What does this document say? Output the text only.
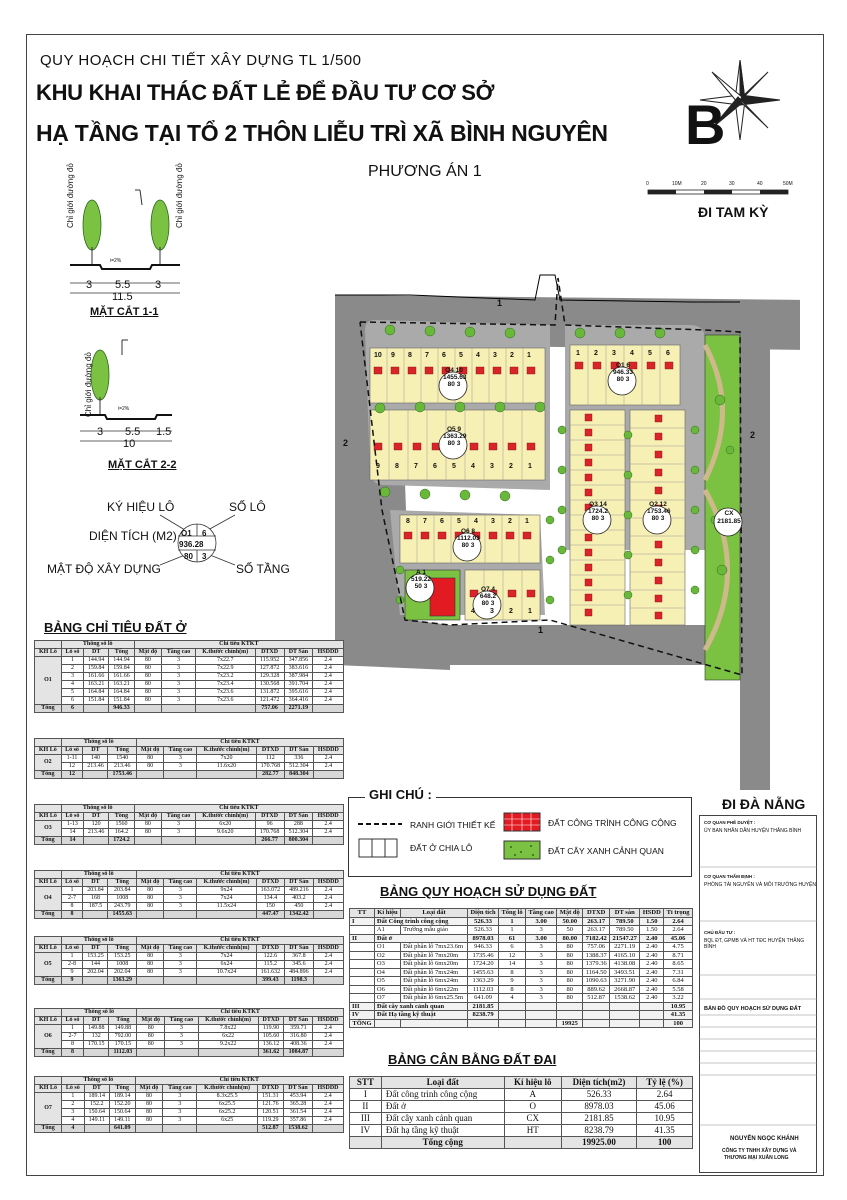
QUY HOẠCH CHI TIẾT XÂY DỰNG TL 1/500
KHU KHAI THÁC ĐẤT LẺ ĐỂ ĐẦU TƯ CƠ SỞ
HẠ TẦNG TẠI TỔ 2 THÔN LIỄU TRÌ XÃ BÌNH NGUYÊN
PHƯƠNG ÁN 1
B
0	10M	20	30	40	50M
ĐI TAM KỲ
ĐI ĐÀ NẴNG
Chỉ giới đường đỏ	Chỉ giới đường đỏ
i=2%
3 5.5 3
11.5
MẶT CẮT 1-1
Chỉ giới đường đỏ	i=2%
3 5.5 1.5
10
MẶT CẮT 2-2
KÝ HIỆU LÔ	SỐ LÔ
DIỆN TÍCH (M2)
MẬT ĐỘ XÂY DỰNG	SỐ TẦNG
O1 6
936.28
80 3
O4 10
1455.63
80 3
O1 6
946.33
80 3
O5 9
1363.29
80 3
O3 14
1724.2
80 3
O2 12
1753.46
80 3
O6 8
1112.03
80 3
O7 4
648.2
80 3
A 1
519.22
50 3
CX
2181.85
1
1
2
2
10	9	8	7	6	5	4	3	2	1	1	2	3	4	5	6
9	8	7	6	5	4	3	2	1
8	7	6	5	4	3	2	1
4	3	2	1
BẢNG CHỈ TIÊU ĐẤT Ở
	Thông số lô			Chỉ tiêu KTKT					
KH Lô	Lô số	DT	Tổng	Mật độ	Tầng cao	K.thước chính(m)	DTXD	DT Sàn	HSDDD
O1	1	144.94	144.94	80	3	7x22.7	115.952	347.856	2.4
	2	159.84	159.84	80	3	7x22.9	127.872	383.616	2.4
	3	161.66	161.66	80	3	7x23.2	129.328	387.984	2.4
	4	163.21	163.21	80	3	7x23.4	130.568	391.704	2.4
	5	164.84	164.84	80	3	7x23.6	131.872	395.616	2.4
	6	151.84	151.84	80	3	7x23.6	121.472	364.416	2.4
Tổng	6		946.33				757.06	2271.19	
	Thông số lô			Chỉ tiêu KTKT					
KH Lô	Lô số	DT	Tổng	Mật độ	Tầng cao	K.thước chính(m)	DTXD	DT Sàn	HSDDD
O2	1-11	140	1540	80	3	7x20	112	336	2.4
	12	213.46	213.46	80	3	11.6x20	170.768	512.304	2.4
Tổng	12		1753.46				282.77	848.304	
	Thông số lô			Chỉ tiêu KTKT					
KH Lô	Lô số	DT	Tổng	Mật độ	Tầng cao	K.thước chính(m)	DTXD	DT Sàn	HSDDD
O3	1-13	120	1560	80	3	6x20	96	288	2.4
	14	213.46	164.2	80	3	9.6x20	170.768	512.304	2.4
Tổng	14		1724.2				266.77	800.304	
	Thông số lô			Chỉ tiêu KTKT					
KH Lô	Lô số	DT	Tổng	Mật độ	Tầng cao	K.thước chính(m)	DTXD	DT Sàn	HSDDD
O4	1	203.84	203.84	80	3	9x24	163.072	489.216	2.4
	2-7	168	1008	80	3	7x24	134.4	403.2	2.4
	8	187.5	243.79	80	3	11.5x24	150	450	2.4
Tổng	8		1455.63				447.47	1342.42	
	Thông số lô			Chỉ tiêu KTKT					
KH Lô	Lô số	DT	Tổng	Mật độ	Tầng cao	K.thước chính(m)	DTXD	DT Sàn	HSDDD
O5	1	153.25	153.25	80	3	7x24	122.6	367.8	2.4
	2-8	144	1008	80	3	6x24	115.2	345.6	2.4
	9	202.04	202.04	80	3	10.7x24	161.632	484.896	2.4
Tổng	9		1363.29				399.43	1198.3	
	Thông số lô			Chỉ tiêu KTKT					
KH Lô	Lô số	DT	Tổng	Mật độ	Tầng cao	K.thước chính(m)	DTXD	DT Sàn	HSDDD
O6	1	149.88	149.88	80	3	7.8x22	119.90	359.71	2.4
	2-7	132	792.00	80	3	6x22	105.60	316.80	2.4
	8	170.15	170.15	80	3	9.2x22	136.12	408.36	2.4
Tổng	8		1112.03				361.62	1084.87	
	Thông số lô			Chỉ tiêu KTKT					
KH Lô	Lô số	DT	Tổng	Mật độ	Tầng cao	K.thước chính(m)	DTXD	DT Sàn	HSDDD
O7	1	189.14	189.14	80	3	8.3x25.5	151.31	453.94	2.4
	2	152.2	152.20	80	3	6x25.5	121.76	365.28	2.4
	3	150.64	150.64	80	3	6x25.2	120.51	361.54	2.4
	4	149.11	149.11	80	3	6x25	119.29	357.86	2.4
Tổng	4		641.09				512.87	1538.62	
GHI CHÚ :
RANH GIỚI THIẾT KẾ	ĐẤT CÔNG TRÌNH CÔNG CỘNG
ĐẤT Ở CHIA LÔ	ĐẤT CÂY XANH CẢNH QUAN
BẢNG QUY HOẠCH SỬ DỤNG ĐẤT
TT	Kí hiệu	Loại đất	Diện tích	Tổng lô	Tầng cao	Mật độ	DTXD	DT sàn	HSDD	Tỉ trọng
I	Đất Công trình công cộng		526.33	1	3.00	50.00	263.17	789.50	1.50	2.64
	A1	Trường mẫu giáo	526.33	1	3	50	263.17	789.50	1.50	2.64
II	Đất ở		8978.03	61	3.00	80.00	7182.42	21547.27	2.40	45.06
	O1	Đất phân lô 7mx23.6m	946.33	6	3	80	757.06	2271.19	2.40	4.75
	O2	Đất phân lô 7mx20m	1735.46	12	3	80	1388.37	4165.10	2.40	8.71
	O3	Đất phân lô 6mx20m	1724.20	14	3	80	1379.36	4138.08	2.40	8.65
	O4	Đất phân lô 7mx24m	1455.63	8	3	80	1164.50	3493.51	2.40	7.31
	O5	Đất phân lô 6mx24m	1363.29	9	3	80	1090.63	3271.90	2.40	6.84
	O6	Đất phân lô 6mx22m	1112.03	8	3	80	889.62	2668.87	2.40	5.58
	O7	Đất phân lô 6mx25.5m	641.09	4	3	80	512.87	1538.62	2.40	3.22
III	Đất cây xanh cảnh quan		2181.85							10.95
IV	Đất Hạ tầng kỹ thuật		8238.79							41.35
TỔNG						19925				100
BẢNG CÂN BẰNG ĐẤT ĐAI
STT	Loại đất	Kí hiệu lô	Diện tích(m2)	Tỷ lệ (%)
I	Đất công trình công cộng	A	526.33	2.64
II	Đất ở	O	8978.03	45.06
III	Đất cây xanh cảnh quan	CX	2181.85	10.95
IV	Đất hạ tầng kỹ thuật	HT	8238.79	41.35
	Tổng cộng		19925.00	100
CƠ QUAN PHÊ DUYỆT :
ỦY BAN NHÂN DÂN HUYỆN THĂNG BÌNH
CƠ QUAN THẨM ĐỊNH :
PHÒNG TÀI NGUYÊN VÀ MÔI TRƯỜNG HUYỆN
CHỦ ĐẦU TƯ :
BQL ĐT, GPMB VÀ HT TĐC HUYỆN THĂNG BÌNH
BẢN ĐỒ QUY HOẠCH SỬ DỤNG ĐẤT
NGUYỄN NGỌC KHÁNH
CÔNG TY TNHH XÂY DỰNG VÀ
THƯƠNG MẠI XUÂN LONG
